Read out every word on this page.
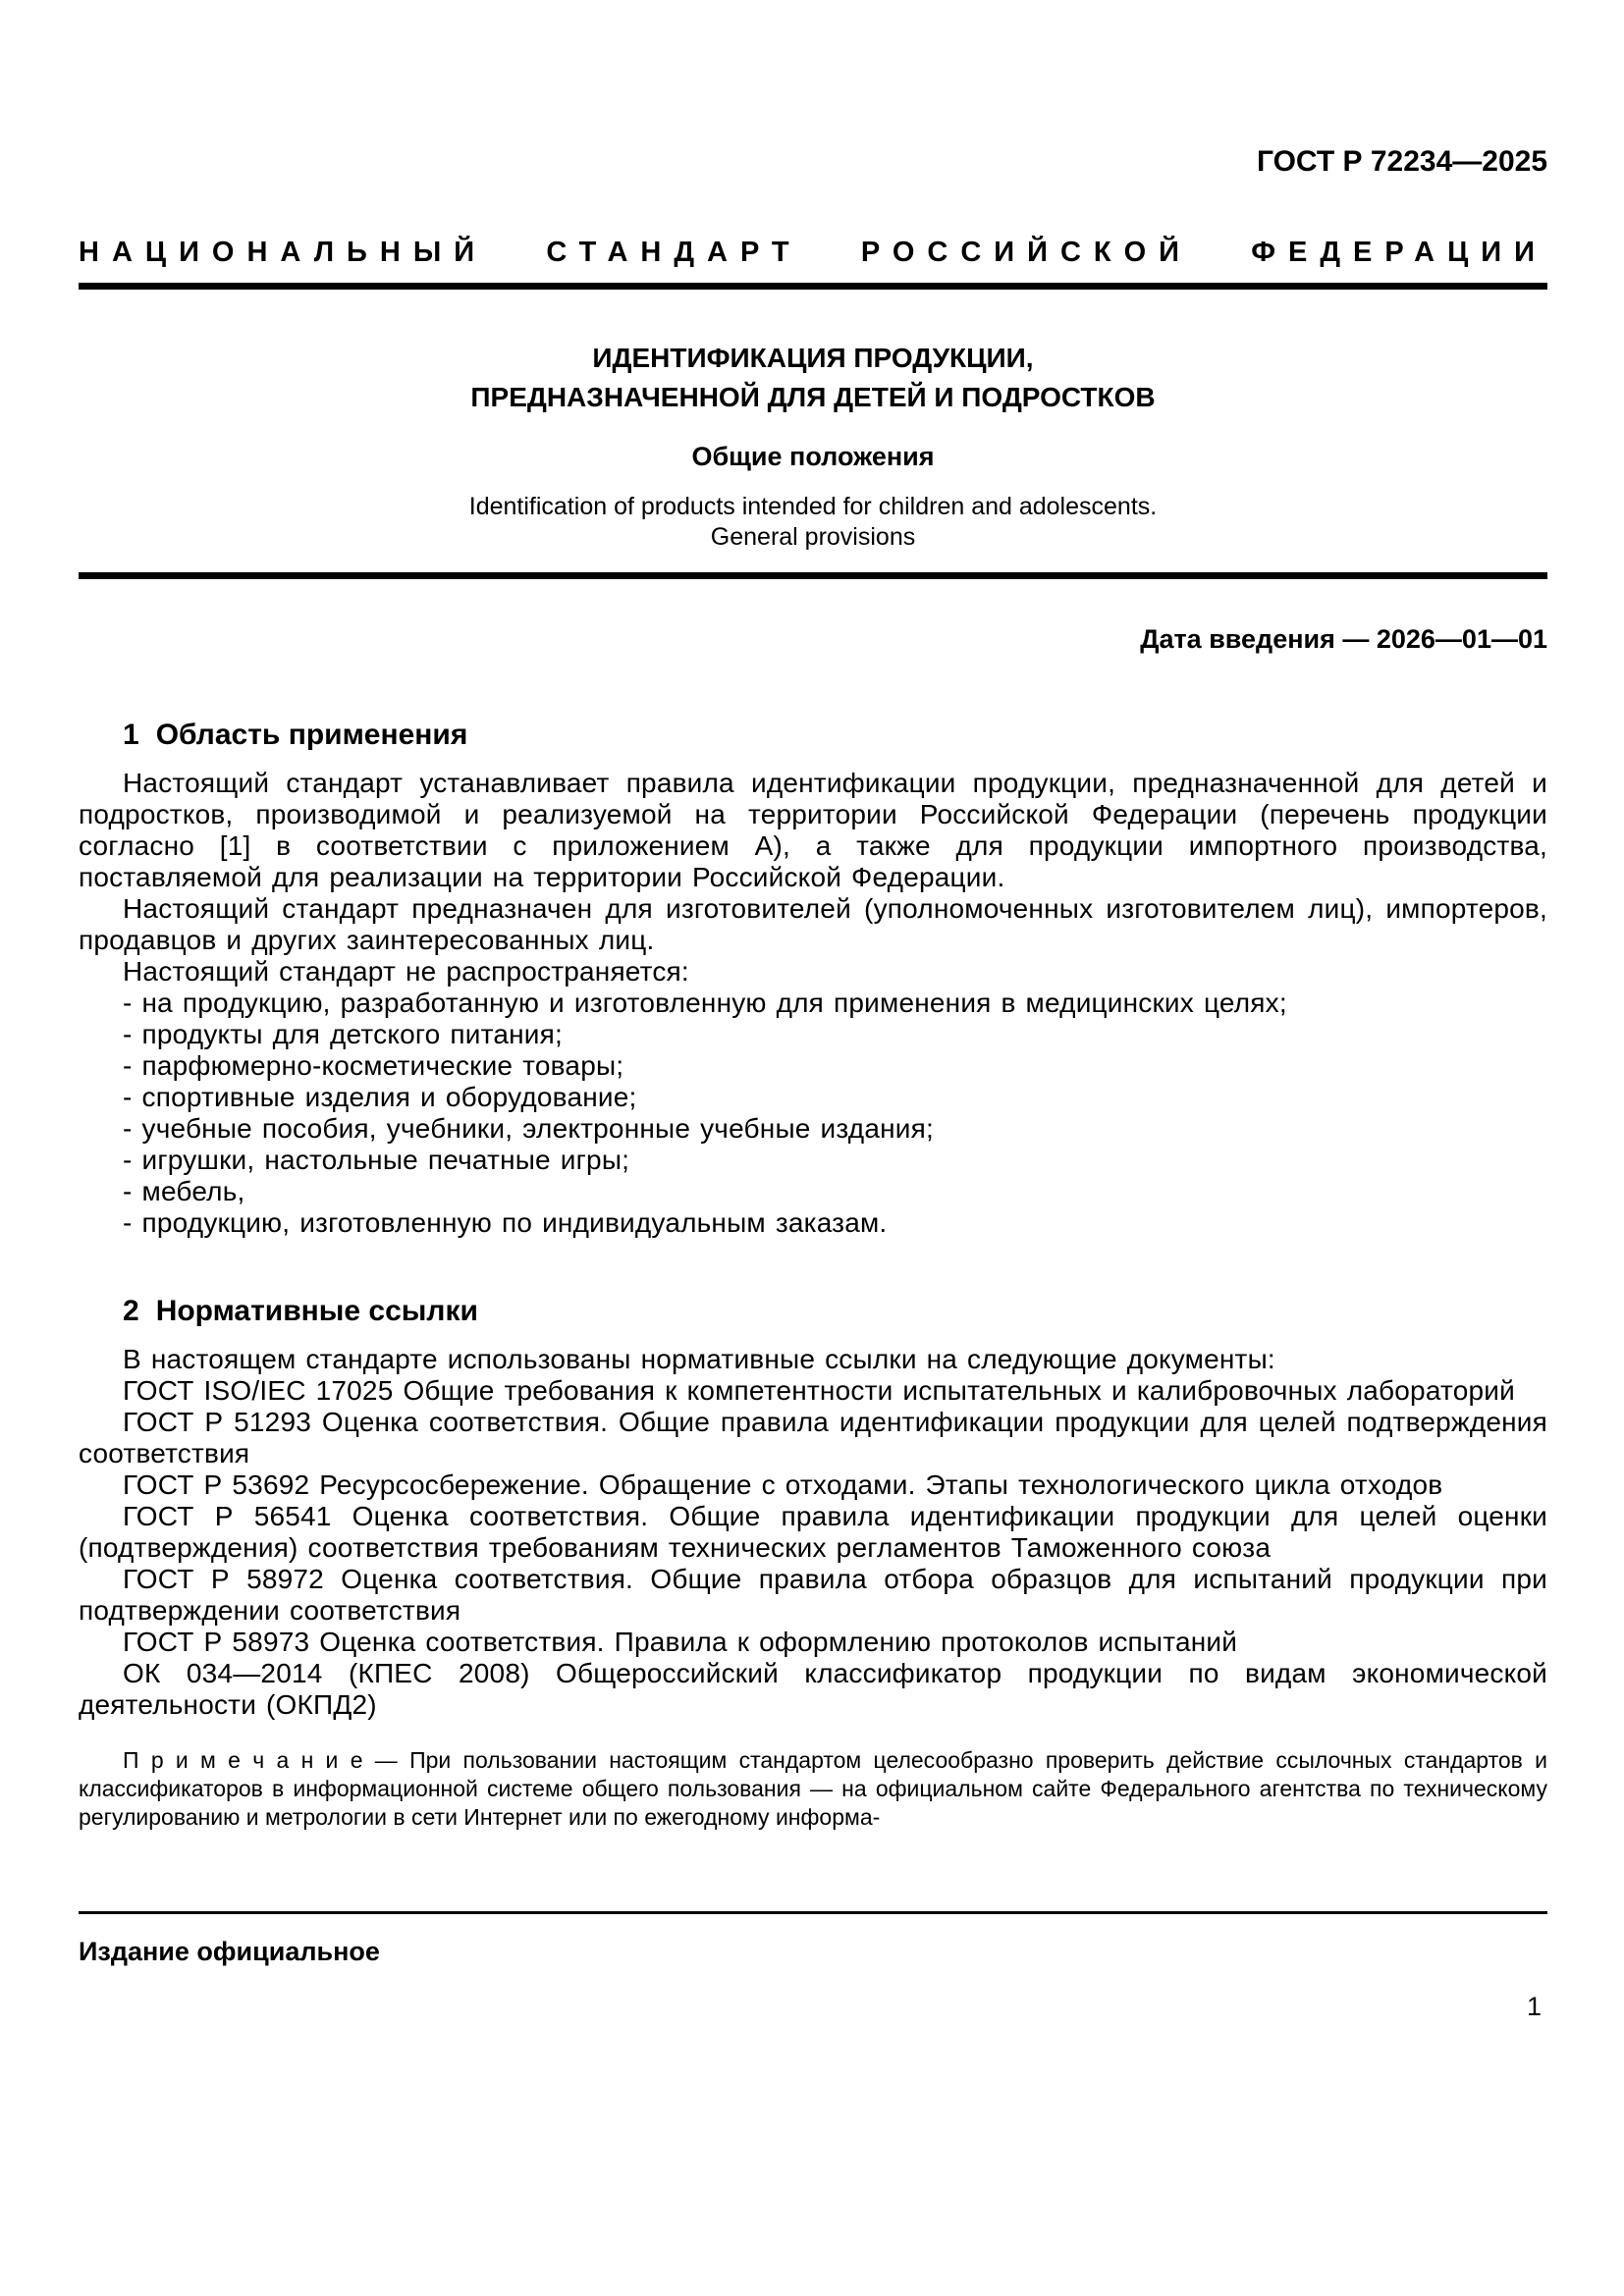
ГОСТ Р 72234—2025
НАЦИОНАЛЬНЫЙ СТАНДАРТ РОССИЙСКОЙ ФЕДЕРАЦИИ
ИДЕНТИФИКАЦИЯ ПРОДУКЦИИ,
ПРЕДНАЗНАЧЕННОЙ ДЛЯ ДЕТЕЙ И ПОДРОСТКОВ
Общие положения
Identification of products intended for children and adolescents.
General provisions
Дата введения — 2026—01—01
1 Область применения

Настоящий стандарт устанавливает правила идентификации продукции, предназначенной для детей и подростков, производимой и реализуемой на территории Российской Федерации (перечень продукции согласно [1] в соответствии с приложением А), а также для продукции импортного производства, поставляемой для реализации на территории Российской Федерации.

Настоящий стандарт предназначен для изготовителей (уполномоченных изготовителем лиц), импортеров, продавцов и других заинтересованных лиц.

Настоящий стандарт не распространяется:

- на продукцию, разработанную и изготовленную для применения в медицинских целях;

- продукты для детского питания;

- парфюмерно-косметические товары;

- спортивные изделия и оборудование;

- учебные пособия, учебники, электронные учебные издания;

- игрушки, настольные печатные игры;

- мебель,

- продукцию, изготовленную по индивидуальным заказам.

2 Нормативные ссылки

В настоящем стандарте использованы нормативные ссылки на следующие документы:

ГОСТ ISO/IEC 17025 Общие требования к компетентности испытательных и калибровочных лабораторий

ГОСТ Р 51293 Оценка соответствия. Общие правила идентификации продукции для целей подтверждения соответствия

ГОСТ Р 53692 Ресурсосбережение. Обращение с отходами. Этапы технологического цикла отходов

ГОСТ Р 56541 Оценка соответствия. Общие правила идентификации продукции для целей оценки (подтверждения) соответствия требованиям технических регламентов Таможенного союза

ГОСТ Р 58972 Оценка соответствия. Общие правила отбора образцов для испытаний продукции при подтверждении соответствия

ГОСТ Р 58973 Оценка соответствия. Правила к оформлению протоколов испытаний

ОК 034—2014 (КПЕС 2008) Общероссийский классификатор продукции по видам экономической деятельности (ОКПД2)

П р и м е ч а н и е — При пользовании настоящим стандартом целесообразно проверить действие ссылочных стандартов и классификаторов в информационной системе общего пользования — на официальном сайте Федерального агентства по техническому регулированию и метрологии в сети Интернет или по ежегодному информа-

Издание официальное
1
